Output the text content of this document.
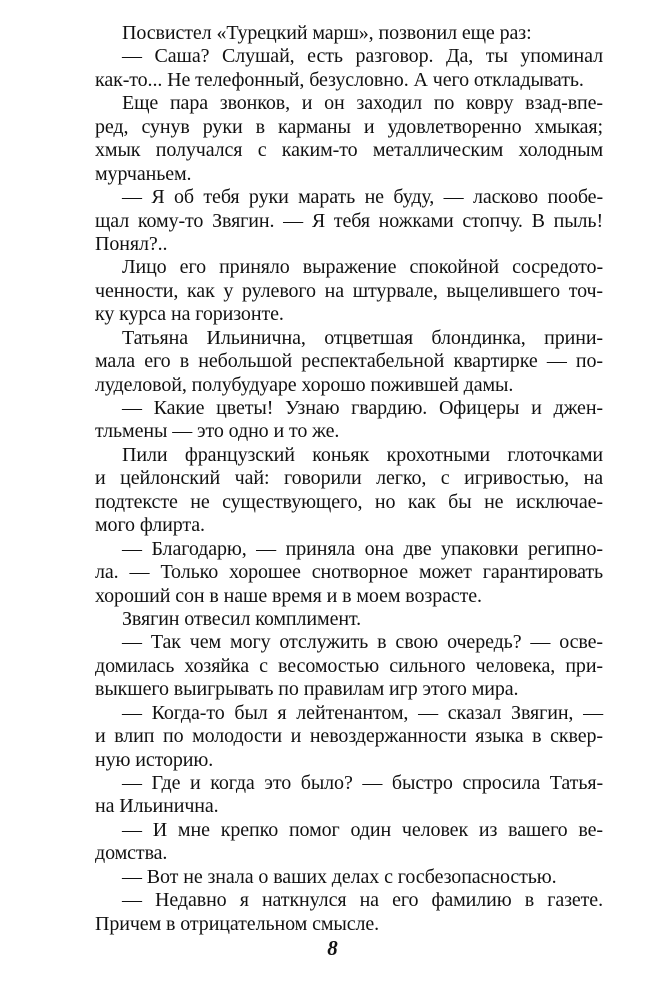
Посвистел «Турецкий марш», позвонил еще раз:
— Саша? Слушай, есть разговор. Да, ты упоминал
как-то... Не телефонный, безусловно. А чего откладывать.
Еще пара звонков, и он заходил по ковру взад-впе-
ред, сунув руки в карманы и удовлетворенно хмыкая;
хмык получался с каким-то металлическим холодным
мурчаньем.
— Я об тебя руки марать не буду, — ласково пообе-
щал кому-то Звягин. — Я тебя ножками стопчу. В пыль!
Понял?..
Лицо его приняло выражение спокойной сосредото-
ченности, как у рулевого на штурвале, выцелившего точ-
ку курса на горизонте.
Татьяна Ильинична, отцветшая блондинка, прини-
мала его в небольшой респектабельной квартирке — по-
луделовой, полубудуаре хорошо пожившей дамы.
— Какие цветы! Узнаю гвардию. Офицеры и джен-
тльмены — это одно и то же.
Пили французский коньяк крохотными глоточками
и цейлонский чай: говорили легко, с игривостью, на
подтексте не существующего, но как бы не исключае-
мого флирта.
— Благодарю, — приняла она две упаковки регипно-
ла. — Только хорошее снотворное может гарантировать
хороший сон в наше время и в моем возрасте.
Звягин отвесил комплимент.
— Так чем могу отслужить в свою очередь? — осве-
домилась хозяйка с весомостью сильного человека, при-
выкшего выигрывать по правилам игр этого мира.
— Когда-то был я лейтенантом, — сказал Звягин, —
и влип по молодости и невоздержанности языка в сквер-
ную историю.
— Где и когда это было? — быстро спросила Татья-
на Ильинична.
— И мне крепко помог один человек из вашего ве-
домства.
— Вот не знала о ваших делах с госбезопасностью.
— Недавно я наткнулся на его фамилию в газете.
Причем в отрицательном смысле.
8
